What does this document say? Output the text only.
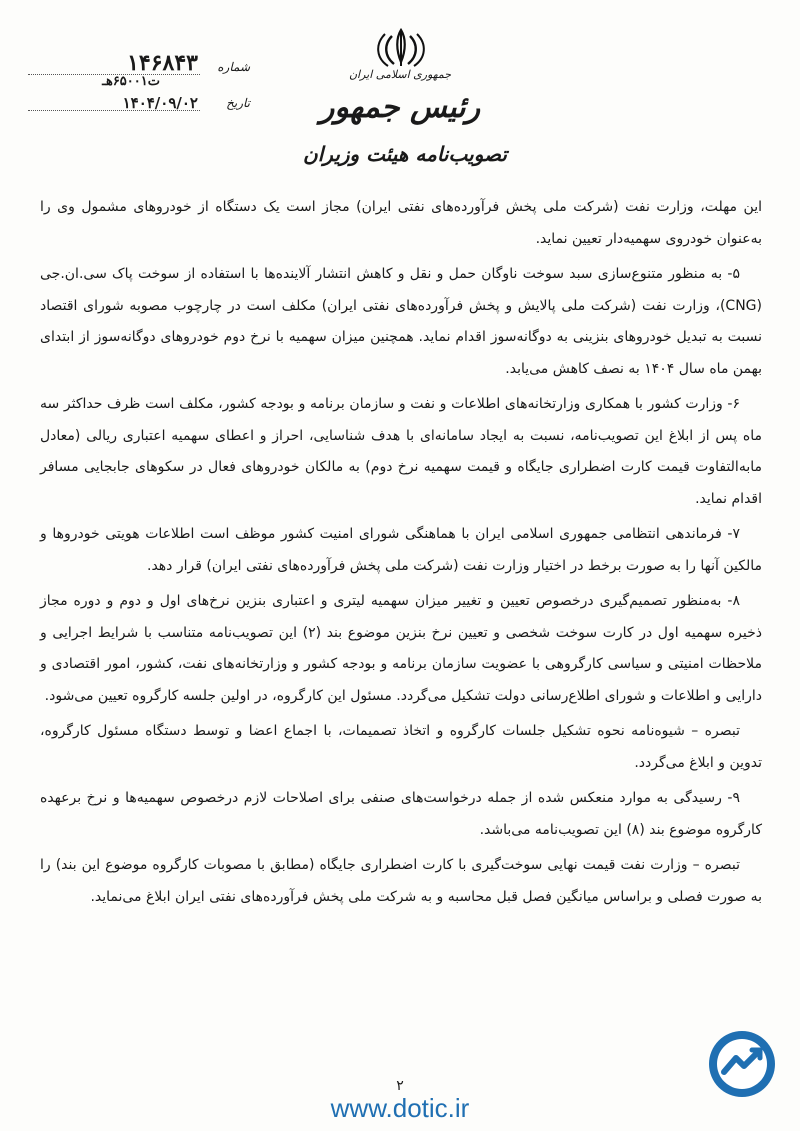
جمهوری اسلامی ایران
رئیس جمهور
تصویب‌نامه هیئت وزیران
شماره
۱۴۶۸۴۳
ت۶۵۰۰۱هـ
تاریخ
۱۴۰۴/۰۹/۰۲

این مهلت، وزارت نفت (شرکت ملی پخش فرآورده‌های نفتی ایران) مجاز است یک دستگاه از خودروهای مشمول وی را به‌عنوان خودروی سهمیه‌دار تعیین نماید.

۵- به منظور متنوع‌سازی سبد سوخت ناوگان حمل و نقل و کاهش انتشار آلاینده‌ها با استفاده از سوخت پاک سی.ان.جی (CNG)، وزارت نفت (شرکت ملی پالایش و پخش فرآورده‌های نفتی ایران) مکلف است در چارچوب مصوبه شورای اقتصاد نسبت به تبدیل خودروهای بنزینی به دوگانه‌سوز اقدام نماید. همچنین میزان سهمیه با نرخ دوم خودروهای دوگانه‌سوز از ابتدای بهمن ماه سال ۱۴۰۴ به نصف کاهش می‌یابد.

۶- وزارت کشور با همکاری وزارتخانه‌های اطلاعات و نفت و سازمان برنامه و بودجه کشور، مکلف است ظرف حداکثر سه ماه پس از ابلاغ این تصویب‌نامه، نسبت به ایجاد سامانه‌ای با هدف شناسایی، احراز و اعطای سهمیه اعتباری ریالی (معادل مابه‌التفاوت قیمت کارت اضطراری جایگاه و قیمت سهمیه نرخ دوم) به مالکان خودروهای فعال در سکوهای جابجایی مسافر اقدام نماید.

۷- فرماندهی انتظامی جمهوری اسلامی ایران با هماهنگی شورای امنیت کشور موظف است اطلاعات هویتی خودروها و مالکین آنها را به صورت برخط در اختیار وزارت نفت (شرکت ملی پخش فرآورده‌های نفتی ایران) قرار دهد.

۸- به‌منظور تصمیم‌گیری درخصوص تعیین و تغییر میزان سهمیه لیتری و اعتباری بنزین نرخ‌های اول و دوم و دوره مجاز ذخیره سهمیه اول در کارت سوخت شخصی و تعیین نرخ بنزین موضوع بند (۲) این تصویب‌نامه متناسب با شرایط اجرایی و ملاحظات امنیتی و سیاسی کارگروهی با عضویت سازمان برنامه و بودجه کشور و وزارتخانه‌های نفت، کشور، امور اقتصادی و دارایی و اطلاعات و شورای اطلاع‌رسانی دولت تشکیل می‌گردد. مسئول این کارگروه، در اولین جلسه کارگروه تعیین می‌شود.

تبصره – شیوه‌نامه نحوه تشکیل جلسات کارگروه و اتخاذ تصمیمات، با اجماع اعضا و توسط دستگاه مسئول کارگروه، تدوین و ابلاغ می‌گردد.

۹- رسیدگی به موارد منعکس شده از جمله درخواست‌های صنفی برای اصلاحات لازم درخصوص سهمیه‌ها و نرخ برعهده کارگروه موضوع بند (۸) این تصویب‌نامه می‌باشد.

تبصره – وزارت نفت قیمت نهایی سوخت‌گیری با کارت اضطراری جایگاه (مطابق با مصوبات کارگروه موضوع این بند) را به صورت فصلی و براساس میانگین فصل قبل محاسبه و به شرکت ملی پخش فرآورده‌های نفتی ایران ابلاغ می‌نماید.

۲
www.dotic.ir
